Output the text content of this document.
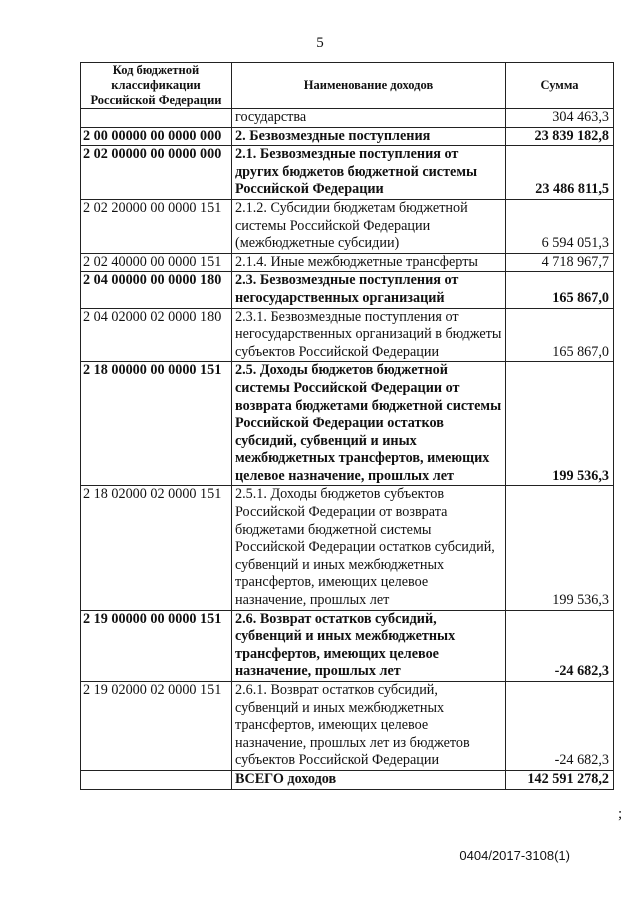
5
Код бюджетной классификации Российской Федерации	Наименование доходов	Сумма
	государства	304 463,3
2 00 00000 00 0000 000	2. Безвозмездные поступления	23 839 182,8
2 02 00000 00 0000 000	2.1. Безвозмездные поступления от других бюджетов бюджетной системы Российской Федерации	23 486 811,5
2 02 20000 00 0000 151	2.1.2. Субсидии бюджетам бюджетной системы Российской Федерации (межбюджетные субсидии)	6 594 051,3
2 02 40000 00 0000 151	2.1.4. Иные межбюджетные трансферты	4 718 967,7
2 04 00000 00 0000 180	2.3. Безвозмездные поступления от негосударственных организаций	165 867,0
2 04 02000 02 0000 180	2.3.1. Безвозмездные поступления от негосударственных организаций в бюджеты субъектов Российской Федерации	165 867,0
2 18 00000 00 0000 151	2.5. Доходы бюджетов бюджетной системы Российской Федерации от возврата бюджетами бюджетной системы Российской Федерации остатков субсидий, субвенций и иных межбюджетных трансфертов, имеющих целевое назначение, прошлых лет	199 536,3
2 18 02000 02 0000 151	2.5.1. Доходы бюджетов субъектов Российской Федерации от возврата бюджетами бюджетной системы Российской Федерации остатков субсидий, субвенций и иных межбюджетных трансфертов, имеющих целевое назначение, прошлых лет	199 536,3
2 19 00000 00 0000 151	2.6. Возврат остатков субсидий, субвенций и иных межбюджетных трансфертов, имеющих целевое назначение, прошлых лет	-24 682,3
2 19 02000 02 0000 151	2.6.1. Возврат остатков субсидий, субвенций и иных межбюджетных трансфертов, имеющих целевое назначение, прошлых лет из бюджетов субъектов Российской Федерации	-24 682,3
	ВСЕГО доходов	142 591 278,2
;
0404/2017-3108(1)
